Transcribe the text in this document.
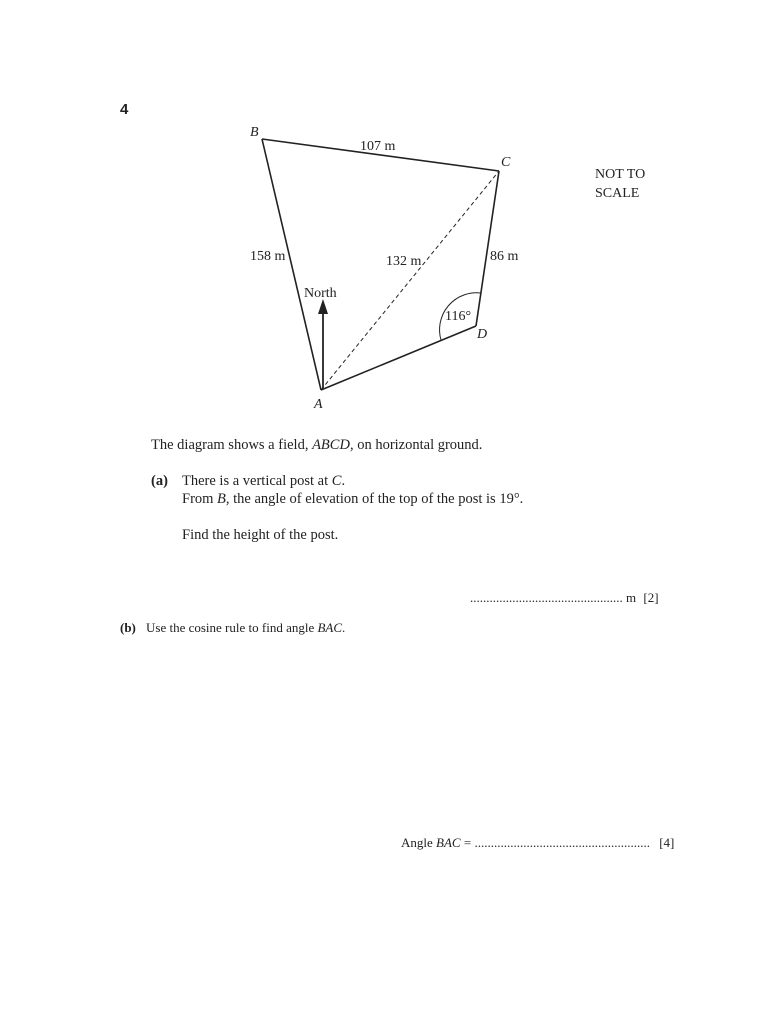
4
B
C
D
A
107 m
158 m	132 m	86 m
116°
North
NOT TO
SCALE
The diagram shows a field, ABCD, on horizontal ground.
(a) There is a vertical post at C.
From B, the angle of elevation of the top of the post is 19°.
Find the height of the post.
............................................... m [2]
(b) Use the cosine rule to find angle BAC.
Angle BAC = ...................................................... [4]
